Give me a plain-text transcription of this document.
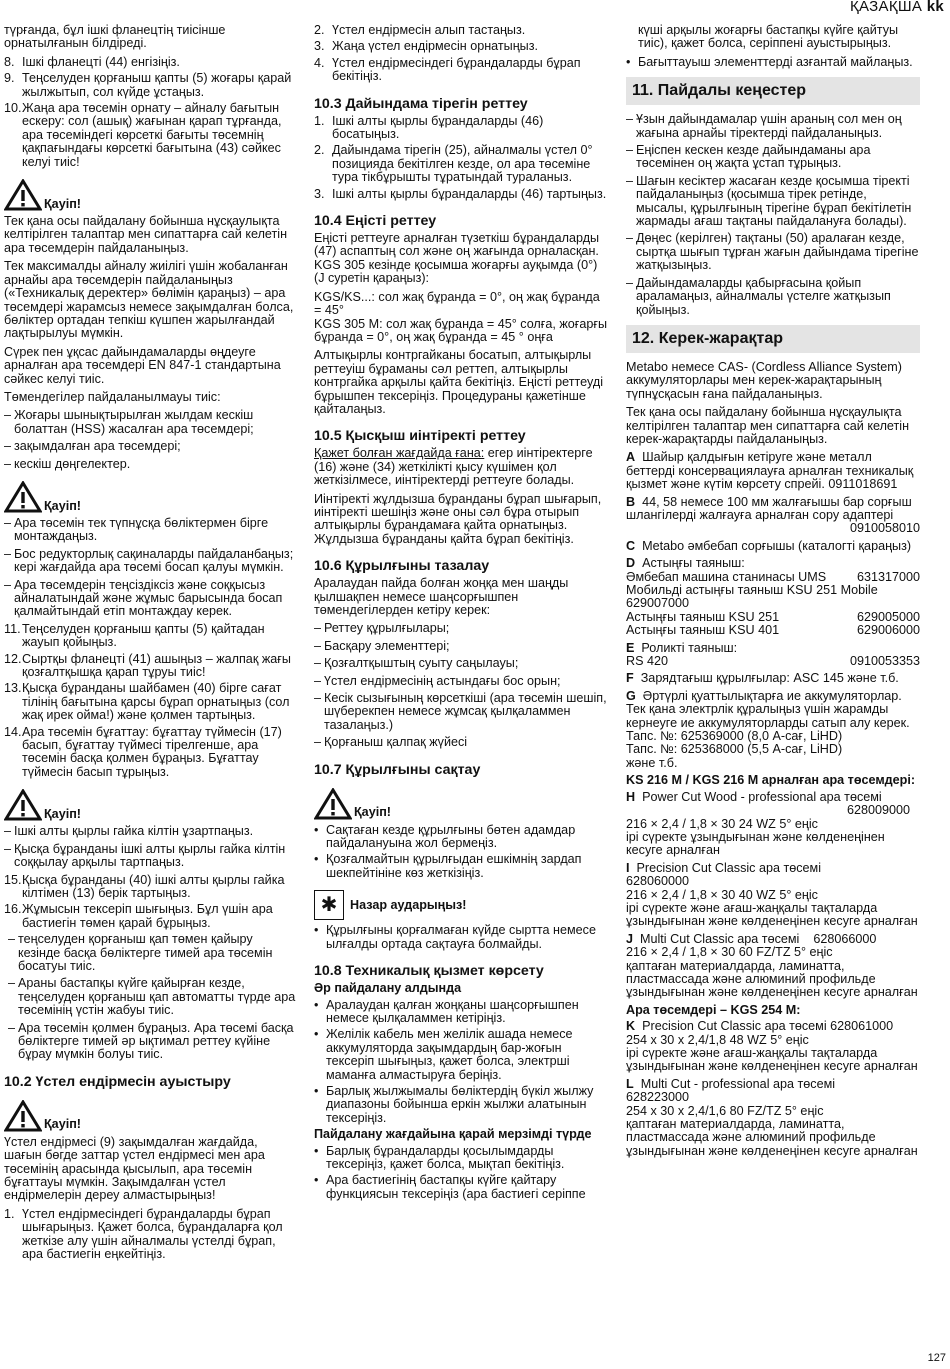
ҚАЗАҚША kk

түрғанда, бұл ішкі фланецтің тиісінше орнатылғанын білдіреді.

8. Ішкі фланецті (44) енгізіңіз.
9. Теңселуден қорғаныш қапты (5) жоғары қарай жылжытып, сол күйде ұстаңыз.
10. Жаңа ара төсемін орнату – айналу бағытын ескеру: сол (ашық) жағынан қарап тұрғанда, ара төсеміндегі көрсеткі бағыты төсемнің қақпағындағы көрсеткі бағытына (43) сәйкес келуі тиіс!
Қауіп!

Тек қана осы пайдалану бойынша нұсқаулықта келтірілген талаптар мен сипаттарға сай келетін ара төсемдерін пайдаланыңыз.

Тек максималды айналу жиілігі үшін жобаланған арнайы ара төсемдерін пайдаланыңыз («Техникалық деректер» бөлімін қараңыз) – ара төсемдері жарамсыз немесе зақымдалған болса, бөліктер ортадан тепкіш күшпен жарылғандай лақтырылуы мүмкін.

Сүрек пен ұқсас дайындамаларды өңдеуге арналған ара төсемдері EN 847-1 стандартына сәйкес келуі тиіс.

Төмендегілер пайдаланылмауы тиіс:

– Жоғары шынықтырылған жылдам кескіш болаттан (HSS) жасалған ара төсемдері;
– зақымдалған ара төсемдері;
– кескіш дөңгелектер.
Қауіп!
– Ара төсемін тек түпнұсқа бөліктермен бірге монтаждаңыз.
– Бос редукторлық сақиналарды пайдаланбаңыз; кері жағдайда ара төсемі босап қалуы мүмкін.
– Ара төсемдерін теңсіздіксіз және соққысыз айналатындай және жұмыс барысында босап қалмайтындай етіп монтаждау керек.
11. Теңселуден қорғаныш қапты (5) қайтадан жауып қойыңыз.
12. Сыртқы фланецті (41) ашыңыз – жалпақ жағы қозғалтқышқа қарап тұруы тиіс!
13. Қысқа бұранданы шайбамен (40) бірге сағат тілінің бағытына қарсы бұрап орнатыңыз (сол жақ ирек ойма!) және қолмен тартыңыз.
14. Ара төсемін бұғаттау: бұғаттау түймесін (17) басып, бұғаттау түймесі тірелгенше, ара төсемін басқа қолмен бұраңыз. Бұғаттау түймесін басып тұрыңыз.
Қауіп!
– Ішкі алты қырлы гайка кілтін ұзартпаңыз.
– Қысқа бұранданы ішкі алты қырлы гайка кілтін соққылау арқылы тартпаңыз.
15. Қысқа бұранданы (40) ішкі алты қырлы гайка кілтімен (13) берік тартыңыз.
16. Жұмысын тексеріп шығыңыз. Бұл үшін ара бастиегін төмен қарай бұрыңыз.
– теңселуден қорғаныш қап төмен қайыру кезінде басқа бөліктерге тимей ара төсемін босатуы тиіс.
– Араны бастапқы күйге қайырған кезде, теңселуден қорғаныш қап автоматты түрде ара төсемінің үстін жабуы тиіс.
– Ара төсемін қолмен бұраңыз. Ара төсемі басқа бөліктерге тимей әр ықтимал реттеу күйіне бұрау мүмкін болуы тиіс.
10.2 Үстел ендірмесін ауыстыру
Қауіп!

Үстел ендірмесі (9) зақымдалған жағдайда, шағын бөгде заттар үстел ендірмесі мен ара төсемінің арасында қысылып, ара төсемін бұғаттауы мүмкін. Зақымдалған үстел ендірмелерін дереу алмастырыңыз!

1. Үстел ендірмесіндегі бұрандаларды бұрап шығарыңыз. Қажет болса, бұрандаларға қол жеткізе алу үшін айналмалы үстелді бұрап, ара бастиегін еңкейтіңіз.
2. Үстел ендірмесін алып тастаңыз.
3. Жаңа үстел ендірмесін орнатыңыз.
4. Үстел ендірмесіндегі бұрандаларды бұрап бекітіңіз.
10.3 Дайындама тірегін реттеу
1. Ішкі алты қырлы бұрандаларды (46) босатыңыз.
2. Дайындама тірегін (25), айналмалы үстел 0° позицияда бекітілген кезде, ол ара төсеміне тура тікбұрышты тұратындай тураланыз.
3. Ішкі алты қырлы бұрандаларды (46) тартыңыз.
10.4 Еңісті реттеу

Еңісті реттеуге арналған түзеткіш бұрандаларды (47) аспаптың сол және оң жағында орналасқан. KGS 305 кезінде қосымша жоғарғы ауқымда (0°) (J суретін қараңыз):

KGS/KS...: сол жақ бұранда = 0°, оң жақ бұранда = 45°

KGS 305 M: сол жақ бұранда = 45° солға, жоғарғы бұранда = 0°, оң жақ бұранда = 45 ° оңға

Алтықырлы контргайканы босатып, алтықырлы реттеуіш бұраманы сәл реттеп, алтықырлы контргайка арқылы қайта бекітіңіз. Еңісті реттеуді бұрышпен тексеріңіз. Процедураны қажетінше қайталаңыз.

10.5 Қысқыш иінтіректі реттеу

Қажет болған жағдайда ғана: егер иінтіректерге (16) және (34) жеткілікті қысу күшімен қол жеткізілмесе, иінтіректерді реттеуге болады.

Иінтіректі жұлдызша бұранданы бұрап шығарып, иінтіректі шешіңіз және оны сәл бұра отырып алтықырлы бұрандамаға қайта орнатыңыз. Жұлдызша бұранданы қайта бұрап бекітіңіз.

10.6 Құрылғыны тазалау

Аралаудан пайда болған жоңқа мен шаңды қылшақпен немесе шаңсорғышпен төмендегілерден кетіру керек:

– Реттеу құрылғылары;
– Басқару элементтері;
– Қозғалтқыштың суыту саңылауы;
– Үстел ендірмесінің астындағы бос орын;
– Кесік сызығының көрсеткіші (ара төсемін шешіп, шүберекпен немесе жұмсақ қылқаламмен тазалаңыз.)
– Қорғаныш қалпақ жүйесі
10.7 Құрылғыны сақтау
Қауіп!
• Сақтаған кезде құрылғыны бөтен адамдар пайдалануына жол бермеңіз.
• Қозғалмайтын құрылғыдан ешкімнің зардап шекпейтініне көз жеткізіңіз.
✱	Назар аударыңыз!
• Құрылғыны қорғалмаған күйде сыртта немесе ылғалды ортада сақтауға болмайды.
10.8 Техникалық қызмет көрсету
Әр пайдалану алдында
• Аралаудан қалған жоңқаны шаңсорғышпен немесе қылқаламмен кетіріңіз.
• Желілік кабель мен желілік ашада немесе аккумуляторда зақымдардың бар-жоғын тексеріп шығыңыз, қажет болса, электрші маманға алмастыруға беріңіз.
• Барлық жылжымалы бөліктердің бүкіл жылжу диапазоны бойынша еркін жылжи алатынын тексеріңіз.
Пайдалану жағдайына қарай мерзімді түрде
• Барлық бұрандаларды қосылымдарды тексеріңіз, қажет болса, мықтап бекітіңіз.
• Ара бастиегінің бастапқы күйге қайтару функциясын тексеріңіз (ара бастиегі серіппе

күші арқылы жоғарғы бастапқы күйге қайтуы тиіс), қажет болса, серіппені ауыстырыңыз.

• Бағыттауыш элементтерді азғантай майлаңыз.
11. Пайдалы кеңестер
– Ұзын дайындамалар үшін араның сол мен оң жағына арнайы тіректерді пайдаланыңыз.
– Еңіспен кескен кезде дайындаманы ара төсемінен оң жақта ұстап тұрыңыз.
– Шағын кесіктер жасаған кезде қосымша тіректі пайдаланыңыз (қосымша тірек ретінде, мысалы, құрылғының тірегіне бұрап бекітілетін жармады ағаш тақтаны пайдалануға болады).
– Дөңес (керілген) тақтаны (50) аралаған кезде, сыртқа шығып тұрған жағын дайындама тірегіне жатқызыңыз.
– Дайындамаларды қабырғасына қойып араламаңыз, айналмалы үстелге жатқызып қойыңыз.
12. Керек-жарақтар

Metabo немесе CAS- (Cordless Alliance System) аккумуляторлары мен керек-жарақтарының түпнұсқасын ғана пайдаланыңыз.

Тек қана осы пайдалану бойынша нұсқаулықта келтірілген талаптар мен сипаттарға сай келетін керек-жарақтарды пайдаланыңыз.

A Шайыр қалдығын кетіруге және металл беттерді консервациялауға арналған техникалық қызмет және күтім көрсету спрейі. 0911018691
B 44, 58 немесе 100 мм жалғағышы бар сорғыш шлангілерді жалғауға арналған сору адаптері
0910058010
C Metabo әмбебап сорғышы (каталогті қараңыз)
D Астыңғы таяныш:
Әмбебап машина станинасы UMS 631317000
Мобильді астыңғы таяныш KSU 251 Mobile
629007000
Астыңғы таяныш KSU 251	629005000
Астыңғы таяныш KSU 401	629006000
E Роликті таяныш:
RS 420	0910053353
F Зарядтағыш құрылғылар: ASC 145 және т.б.
G Әртүрлі қуаттылықтарға ие аккумуляторлар. Тек қана электрлік құралыңыз үшін жарамды кернеуге ие аккумуляторларды сатып алу керек.
Тапс. №: 625369000 (8,0 A-сағ, LiHD)
Тапс. №: 625368000 (5,5 A-сағ, LiHD)
және т.б.
KS 216 M / KGS 216 M арналған ара төсемдері:
H Power Cut Wood - professional ара төсемі
628009000
216 × 2,4 / 1,8 × 30 24 WZ 5° еңіс
ірі сүректе ұзындығынан және көлденеңінен кесуге арналған
I Precision Cut Classic ара төсемі
628060000
216 × 2,4 / 1,8 × 30 40 WZ 5° еңіс
ірі сүректе және ағаш-жаңқалы тақталарда ұзындығынан және көлденеңінен кесуге арналған
J Multi Cut Classic ара төсемі 628066000
216 × 2,4 / 1,8 × 30 60 FZ/TZ 5° еңіс
қаптаған материалдарда, ламинатта, пластмассада және алюминий профильде ұзындығынан және көлденеңінен кесуге арналған
Ара төсемдері – KGS 254 M:
K Precision Cut Classic ара төсемі 628061000
254 x 30 x 2,4/1,8 48 WZ 5° еңіс
ірі сүректе және ағаш-жаңқалы тақталарда ұзындығынан және көлденеңінен кесуге арналған
L Multi Cut - professional ара төсемі
628223000
254 x 30 x 2,4/1,6 80 FZ/TZ 5° еңіс
қаптаған материалдарда, ламинатта, пластмассада және алюминий профильде ұзындығынан және көлденеңінен кесуге арналған
127
